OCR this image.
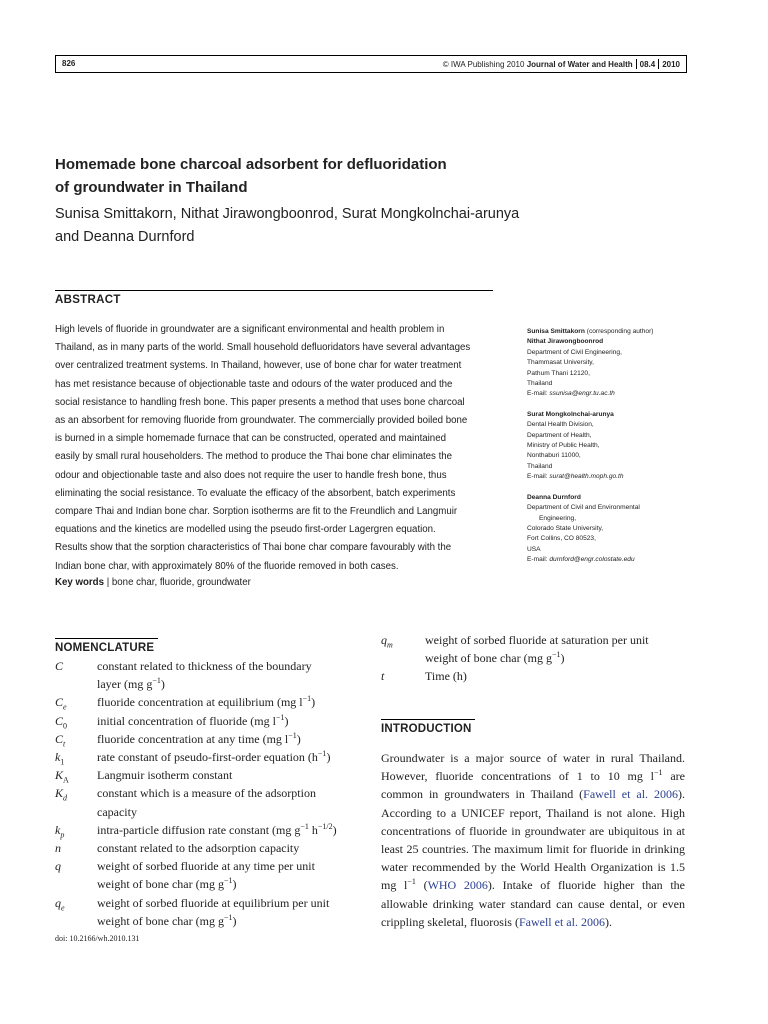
826	© IWA Publishing 2010 Journal of Water and Health 08.4 2010
Homemade bone charcoal adsorbent for defluoridation
of groundwater in Thailand
Sunisa Smittakorn, Nithat Jirawongboonrod, Surat Mongkolnchai-arunya
and Deanna Durnford
ABSTRACT
High levels of fluoride in groundwater are a significant environmental and health problem in
Thailand, as in many parts of the world. Small household defluoridators have several advantages
over centralized treatment systems. In Thailand, however, use of bone char for water treatment
has met resistance because of objectionable taste and odours of the water produced and the
social resistance to handling fresh bone. This paper presents a method that uses bone charcoal
as an absorbent for removing fluoride from groundwater. The commercially provided boiled bone
is burned in a simple homemade furnace that can be constructed, operated and maintained
easily by small rural householders. The method to produce the Thai bone char eliminates the
odour and objectionable taste and also does not require the user to handle fresh bone, thus
eliminating the social resistance. To evaluate the efficacy of the absorbent, batch experiments
compare Thai and Indian bone char. Sorption isotherms are fit to the Freundlich and Langmuir
equations and the kinetics are modelled using the pseudo first-order Lagergren equation.
Results show that the sorption characteristics of Thai bone char compare favourably with the
Indian bone char, with approximately 80% of the fluoride removed in both cases.
Key words | bone char, fluoride, groundwater
Sunisa Smittakorn (corresponding author)
Nithat Jirawongboonrod
Department of Civil Engineering,
Thammasat University,
Pathum Thani 12120,
Thailand
E-mail: ssunisa@engr.tu.ac.th
Surat Mongkolnchai-arunya
Dental Health Division,
Department of Health,
Ministry of Public Health,
Nonthaburi 11000,
Thailand
E-mail: surat@health.moph.go.th
Deanna Durnford
Department of Civil and Environmental
Engineering,
Colorado State University,
Fort Collins, CO 80523,
USA
E-mail: durnford@engr.colostate.edu
NOMENCLATURE
C	constant related to thickness of the boundary
layer (mg $g^{-1}$)
$C_e$	fluoride concentration at equilibrium (mg $l^{-1}$)
$C_0$	initial concentration of fluoride (mg $l^{-1}$)
$C_t$	fluoride concentration at any time (mg $l^{-1}$)
$k_1$	rate constant of pseudo-first-order equation $(h^{-1})$
$K_A$	Langmuir isotherm constant
$K_d$	constant which is a measure of the adsorption
capacity
$k_p$	intra-particle diffusion rate constant (mg $g^{-1}$ $h^{-1/2}$)
n	constant related to the adsorption capacity
q	weight of sorbed fluoride at any time per unit
weight of bone char (mg $g^{-1}$)
$q_e$	weight of sorbed fluoride at equilibrium per unit
weight of bone char (mg $g^{-1}$)
$q_m$	weight of sorbed fluoride at saturation per unit
weight of bone char (mg $g^{-1}$)
t	Time (h)
doi: 10.2166/wh.2010.131
INTRODUCTION
Groundwater is a major source of water in rural Thailand. However, fluoride concentrations of 1 to 10 mg $l^{-1}$ are common in groundwaters in Thailand (Fawell et al. 2006). According to a UNICEF report, Thailand is not alone. High concentrations of fluoride in groundwater are ubiquitous in at least 25 countries. The maximum limit for fluoride in drinking water recommended by the World Health Organization is 1.5 mg $l^{-1}$ (WHO 2006). Intake of fluoride higher than the allowable drinking water standard can cause dental, or even crippling skeletal, fluorosis (Fawell et al. 2006).
